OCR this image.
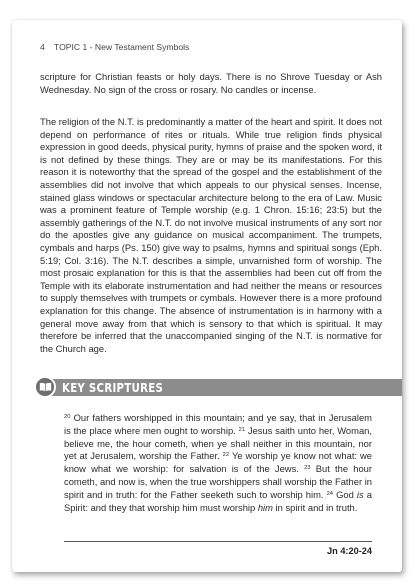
4 TOPIC 1 - New Testament Symbols

scripture for Christian feasts or holy days. There is no Shrove Tuesday or Ash Wednesday. No sign of the cross or rosary. No candles or incense.

The religion of the N.T. is predominantly a matter of the heart and spirit. It does not depend on performance of rites or rituals. While true religion finds physical expression in good deeds, physical purity, hymns of praise and the spoken word, it is not defined by these things. They are or may be its manifestations. For this reason it is noteworthy that the spread of the gospel and the establishment of the assemblies did not involve that which appeals to our physical senses. Incense, stained glass windows or spectacular architecture belong to the era of Law. Music was a prominent feature of Temple worship (e.g. 1 Chron. 15:16; 23:5) but the assembly gatherings of the N.T. do not involve musical instruments of any sort nor do the apostles give any guidance on musical accompaniment. The trumpets, cymbals and harps (Ps. 150) give way to psalms, hymns and spiritual songs (Eph. 5:19; Col. 3:16). The N.T. describes a simple, unvarnished form of worship. The most prosaic explanation for this is that the assemblies had been cut off from the Temple with its elaborate instrumentation and had neither the means or resources to supply themselves with trumpets or cymbals. However there is a more profound explanation for this change. The absence of instrumentation is in harmony with a general move away from that which is sensory to that which is spiritual. It may therefore be inferred that the unaccompanied singing of the N.T. is normative for the Church age.

KEY SCRIPTURES

$^{20}$ Our fathers worshipped in this mountain; and ye say, that in Jerusalem is the place where men ought to worship. $^{21}$ Jesus saith unto her, Woman, believe me, the hour cometh, when ye shall neither in this mountain, nor yet at Jerusalem, worship the Father. $^{22}$ Ye worship ye know not what: we know what we worship: for salvation is of the Jews. $^{23}$ But the hour cometh, and now is, when the true worshippers shall worship the Father in spirit and in truth: for the Father seeketh such to worship him. $^{24}$ God is a Spirit: and they that worship him must worship him in spirit and in truth.

Jn 4:20-24
